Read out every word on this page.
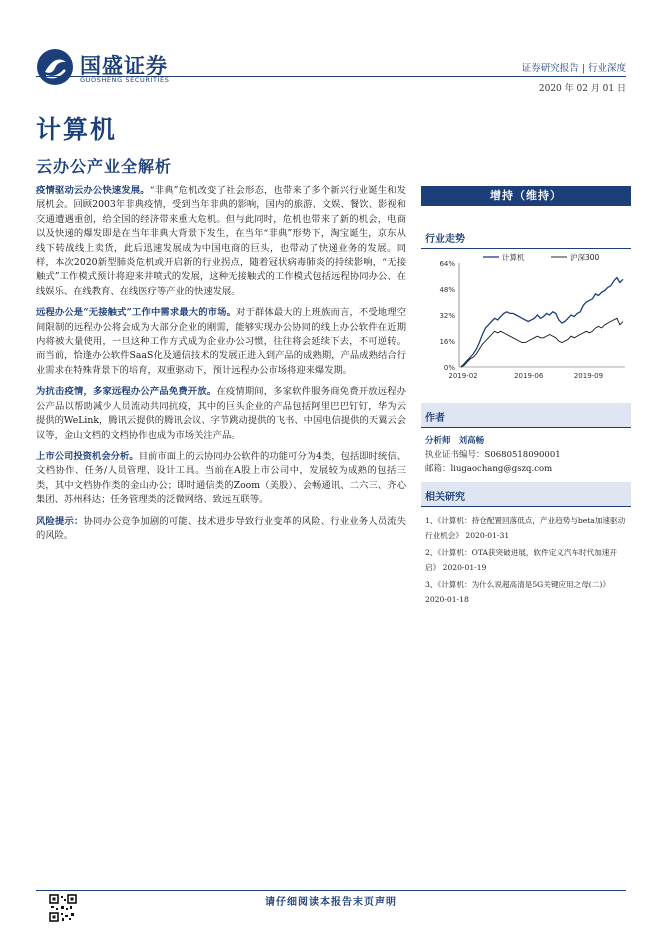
国盛证券
GUOSHENG SECURITIES
证券研究报告 | 行业深度
2020 年 02 月 01 日
计算机
云办公产业全解析

疫情驱动云办公快速发展。“非典”危机改变了社会形态，也带来了多个新兴行业诞生和发展机会。回顾2003年非典疫情，受到当年非典的影响，国内的旅游、文娱、餐饮、影视和交通遭遇重创，给全国的经济带来重大危机。但与此同时，危机也带来了新的机会，电商以及快递的爆发即是在当年非典大背景下发生，在当年“非典”形势下，淘宝诞生，京东从线下转战线上卖货，此后迅速发展成为中国电商的巨头，也带动了快递业务的发展。同样，本次2020新型肺炎危机或开启新的行业拐点，随着冠状病毒肺炎的持续影响，“无接触式”工作模式预计将迎来井喷式的发展，这种无接触式的工作模式包括远程协同办公、在线娱乐、在线教育、在线医疗等产业的快速发展。

远程办公是“无接触式”工作中需求最大的市场。对于群体最大的上班族而言，不受地理空间限制的远程办公将会成为大部分企业的刚需，能够实现办公协同的线上办公软件在近期内将被大量使用，一旦这种工作方式成为企业办公习惯，往往将会延续下去，不可逆转。而当前，恰逢办公软件SaaS化及通信技术的发展正进入到产品的成熟期，产品成熟结合行业需求在特殊背景下的培育，双重驱动下，预计远程办公市场将迎来爆发期。

为抗击疫情，多家远程办公产品免费开放。在疫情期间，多家软件服务商免费开放远程办公产品以帮助减少人员流动共同抗疫，其中的巨头企业的产品包括阿里巴巴钉钉，华为云提供的WeLink，腾讯云提供的腾讯会议、字节跳动提供的飞书、中国电信提供的天翼云会议等，金山文档的文档协作也成为市场关注产品。

上市公司投资机会分析。目前市面上的云协同办公软件的功能可分为4类，包括即时统信、文档协作、任务/人员管理、设计工具。当前在A股上市公司中，发展较为成熟的包括三类，其中文档协作类的金山办公；即时通信类的Zoom（美股）、会畅通讯、二六三、齐心集团、苏州科达；任务管理类的泛微网络、致远互联等。

风险提示：协同办公竞争加剧的可能、技术进步导致行业变革的风险、行业业务人员流失的风险。

增持（维持）
行业走势
0%
16%
32%
48%
64%
2019-02	2019-06	2019-09
计算机	沪深300
作者
分析师 刘高畅
执业证书编号：S0680518090001
邮箱：liugaochang@gszq.com
相关研究
1、《计算机：持仓配置回落低点，产业趋势与beta加速驱动行业机会》 2020-01-31
2、《计算机：OTA获突破进展，软件定义汽车时代加速开启》 2020-01-19
3、《计算机：为什么说超高清是5G关键应用之母(二)》 2020-01-18
请仔细阅读本报告末页声明
